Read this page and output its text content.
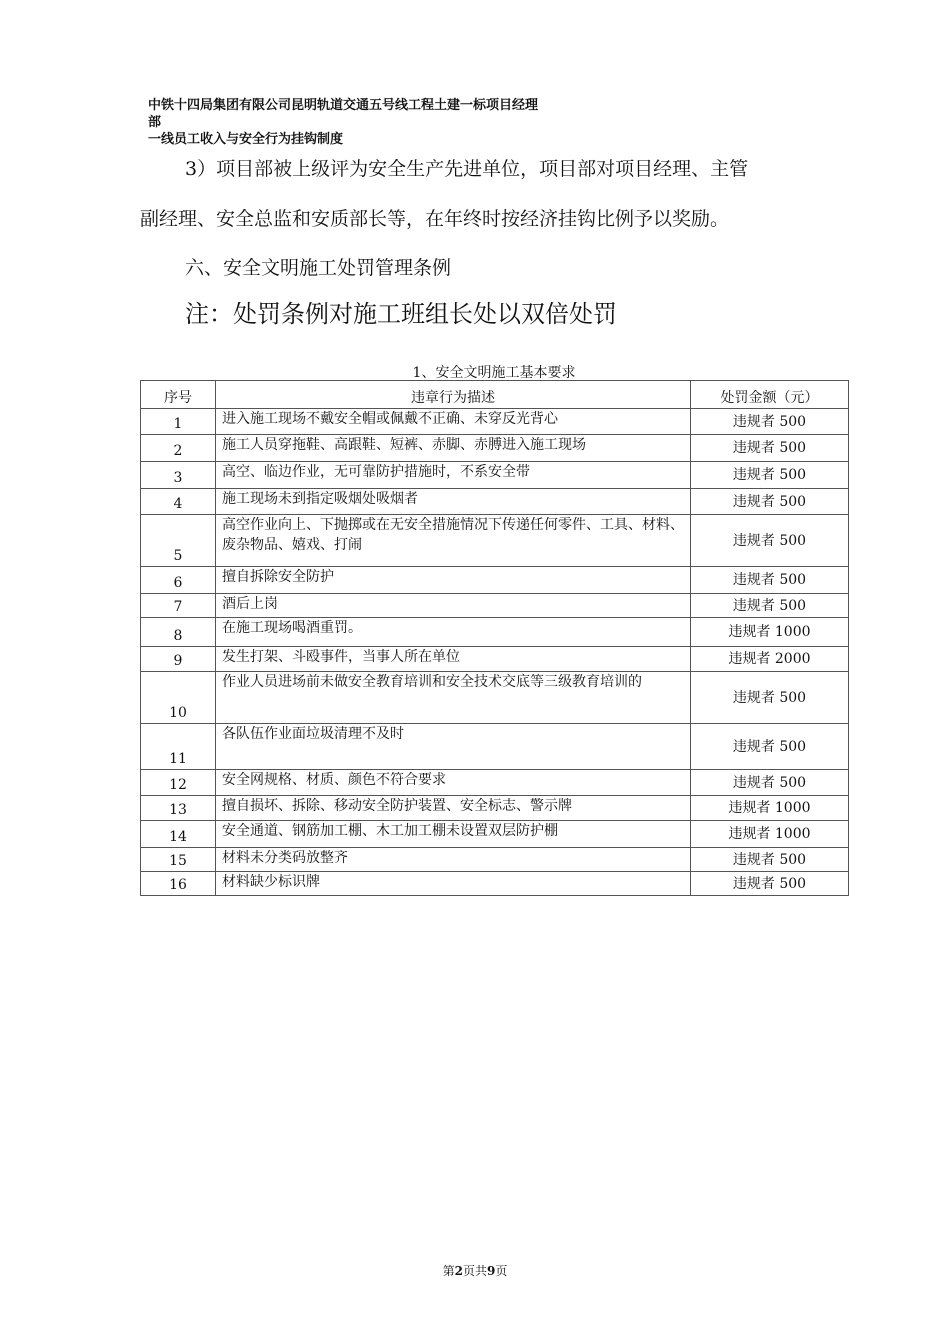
中铁十四局集团有限公司昆明轨道交通五号线工程土建一标项目经理
部
一线员工收入与安全行为挂钩制度
3）项目部被上级评为安全生产先进单位，项目部对项目经理、主管
副经理、安全总监和安质部长等，在年终时按经济挂钩比例予以奖励。
六、安全文明施工处罚管理条例
注：处罚条例对施工班组长处以双倍处罚
1、安全文明施工基本要求
序号	违章行为描述	处罚金额（元）
1	进入施工现场不戴安全帽或佩戴不正确、未穿反光背心	违规者 500
2	施工人员穿拖鞋、高跟鞋、短裤、赤脚、赤膊进入施工现场	违规者 500
3	高空、临边作业，无可靠防护措施时，不系安全带	违规者 500
4	施工现场未到指定吸烟处吸烟者	违规者 500
5	高空作业向上、下抛掷或在无安全措施情况下传递任何零件、工具、材料、废杂物品、嬉戏、打闹	违规者 500
6	擅自拆除安全防护	违规者 500
7	酒后上岗	违规者 500
8	在施工现场喝酒重罚。	违规者 1000
9	发生打架、斗殴事件，当事人所在单位	违规者 2000
10	作业人员进场前未做安全教育培训和安全技术交底等三级教育培训的	违规者 500
11	各队伍作业面垃圾清理不及时	违规者 500
12	安全网规格、材质、颜色不符合要求	违规者 500
13	擅自损坏、拆除、移动安全防护装置、安全标志、警示牌	违规者 1000
14	安全通道、钢筋加工棚、木工加工棚未设置双层防护棚	违规者 1000
15	材料未分类码放整齐	违规者 500
16	材料缺少标识牌	违规者 500
第2页共9页
